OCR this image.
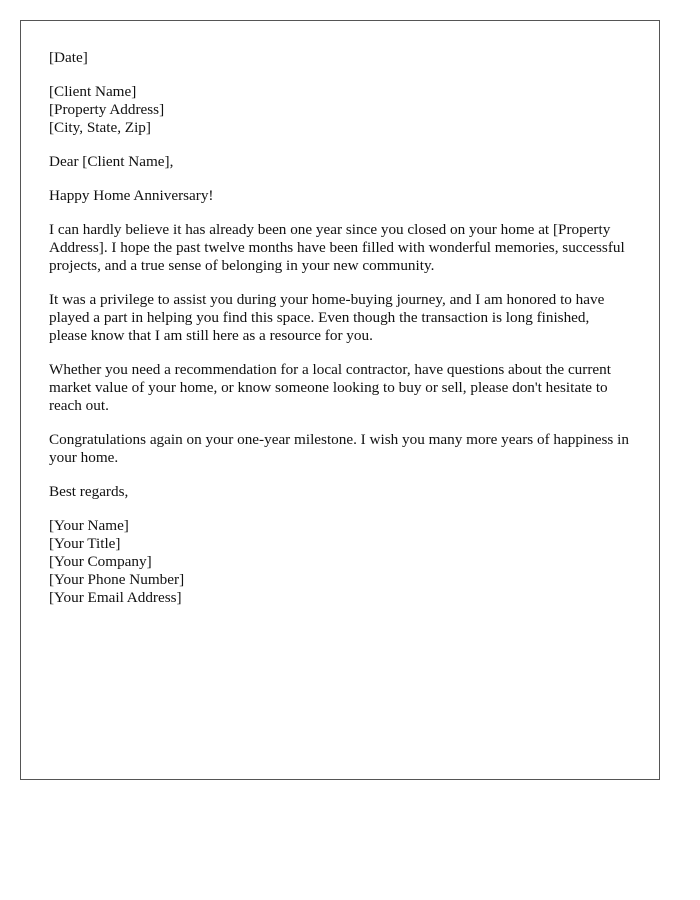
[Date]
[Client Name]
[Property Address]
[City, State, Zip]
Dear [Client Name],
Happy Home Anniversary!

I can hardly believe it has already been one year since you closed on your home at [Property Address]. I hope the past twelve months have been filled with wonderful memories, successful projects, and a true sense of belonging in your new community.

It was a privilege to assist you during your home-buying journey, and I am honored to have played a part in helping you find this space. Even though the transaction is long finished, please know that I am still here as a resource for you.

Whether you need a recommendation for a local contractor, have questions about the current market value of your home, or know someone looking to buy or sell, please don't hesitate to reach out.

Congratulations again on your one-year milestone. I wish you many more years of happiness in your home.

Best regards,
[Your Name]
[Your Title]
[Your Company]
[Your Phone Number]
[Your Email Address]
